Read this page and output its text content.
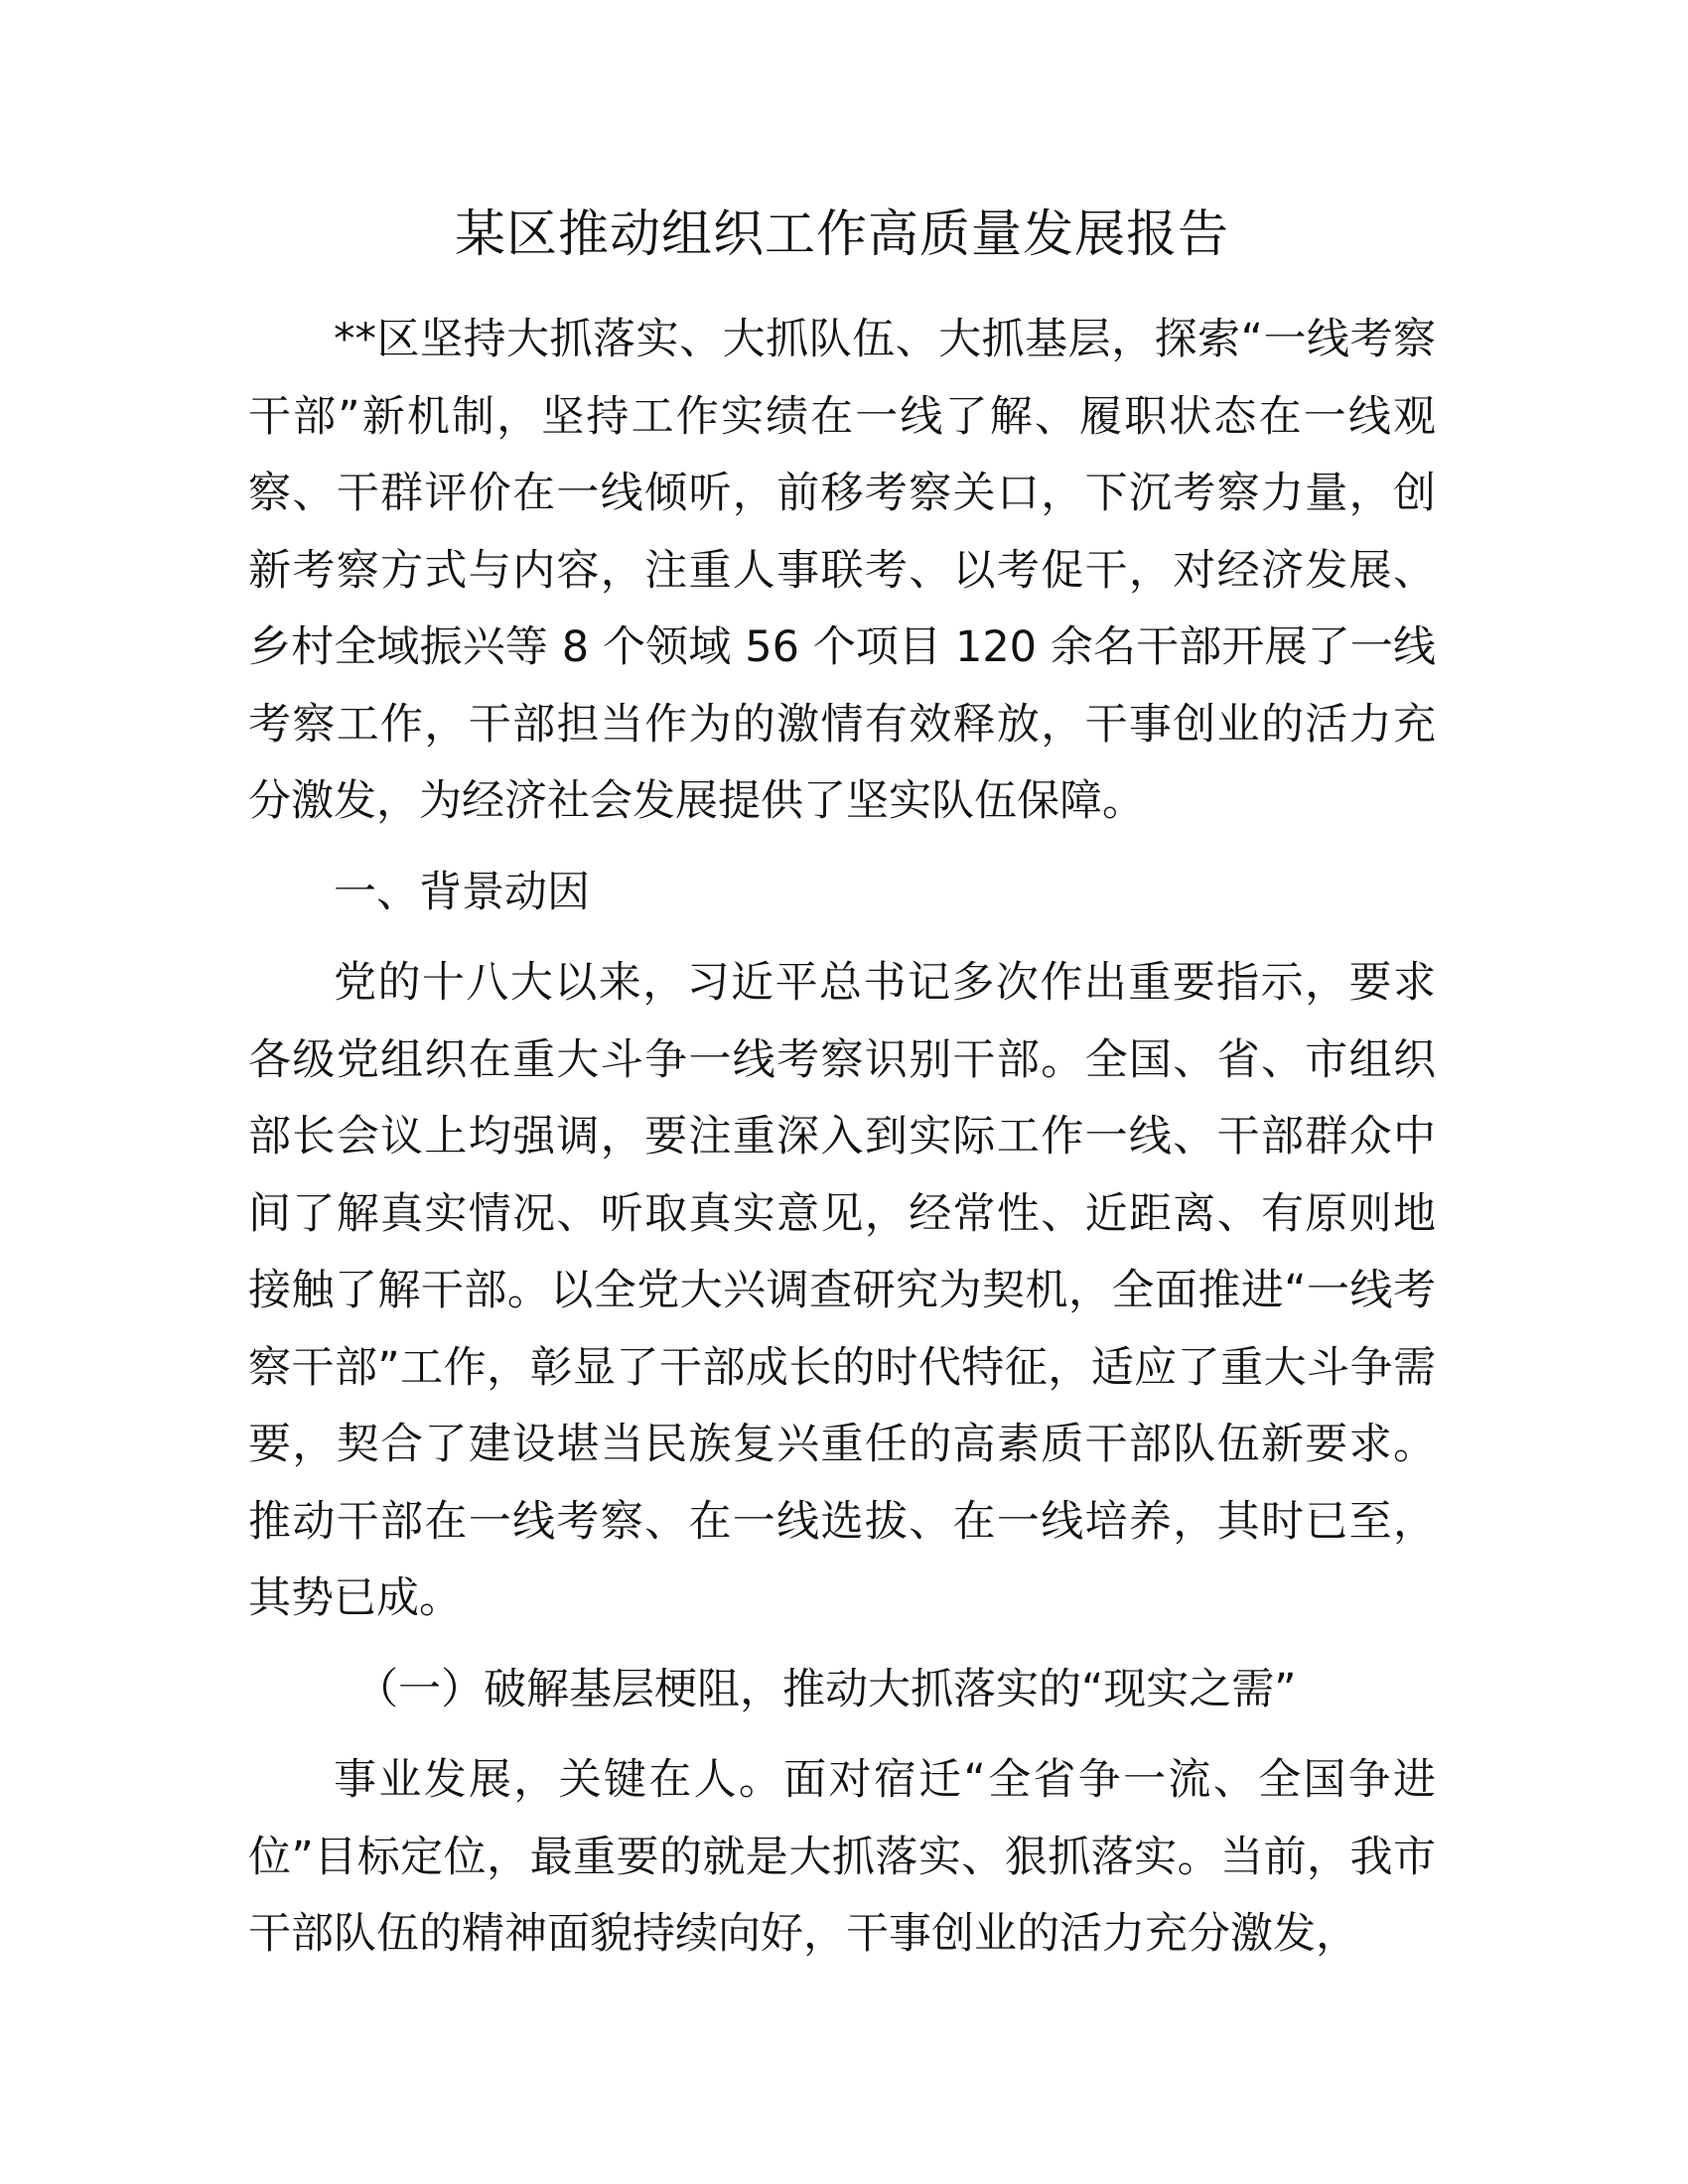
某区推动组织工作高质量发展报告

**区坚持大抓落实、大抓队伍、大抓基层，探索“一线考察干部”新机制，坚持工作实绩在一线了解、履职状态在一线观察、干群评价在一线倾听，前移考察关口，下沉考察力量，创新考察方式与内容，注重人事联考、以考促干，对经济发展、乡村全域振兴等 8 个领域 56 个项目 120 余名干部开展了一线考察工作，干部担当作为的激情有效释放，干事创业的活力充分激发，为经济社会发展提供了坚实队伍保障。

一、背景动因

党的十八大以来，习近平总书记多次作出重要指示，要求各级党组织在重大斗争一线考察识别干部。全国、省、市组织部长会议上均强调，要注重深入到实际工作一线、干部群众中间了解真实情况、听取真实意见，经常性、近距离、有原则地接触了解干部。以全党大兴调查研究为契机，全面推进“一线考察干部”工作，彰显了干部成长的时代特征，适应了重大斗争需要，契合了建设堪当民族复兴重任的高素质干部队伍新要求。推动干部在一线考察、在一线选拔、在一线培养，其时已至，其势已成。

（一）破解基层梗阻，推动大抓落实的“现实之需”

事业发展，关键在人。面对宿迁“全省争一流、全国争进位”目标定位，最重要的就是大抓落实、狠抓落实。当前，我市干部队伍的精神面貌持续向好，干事创业的活力充分激发，
